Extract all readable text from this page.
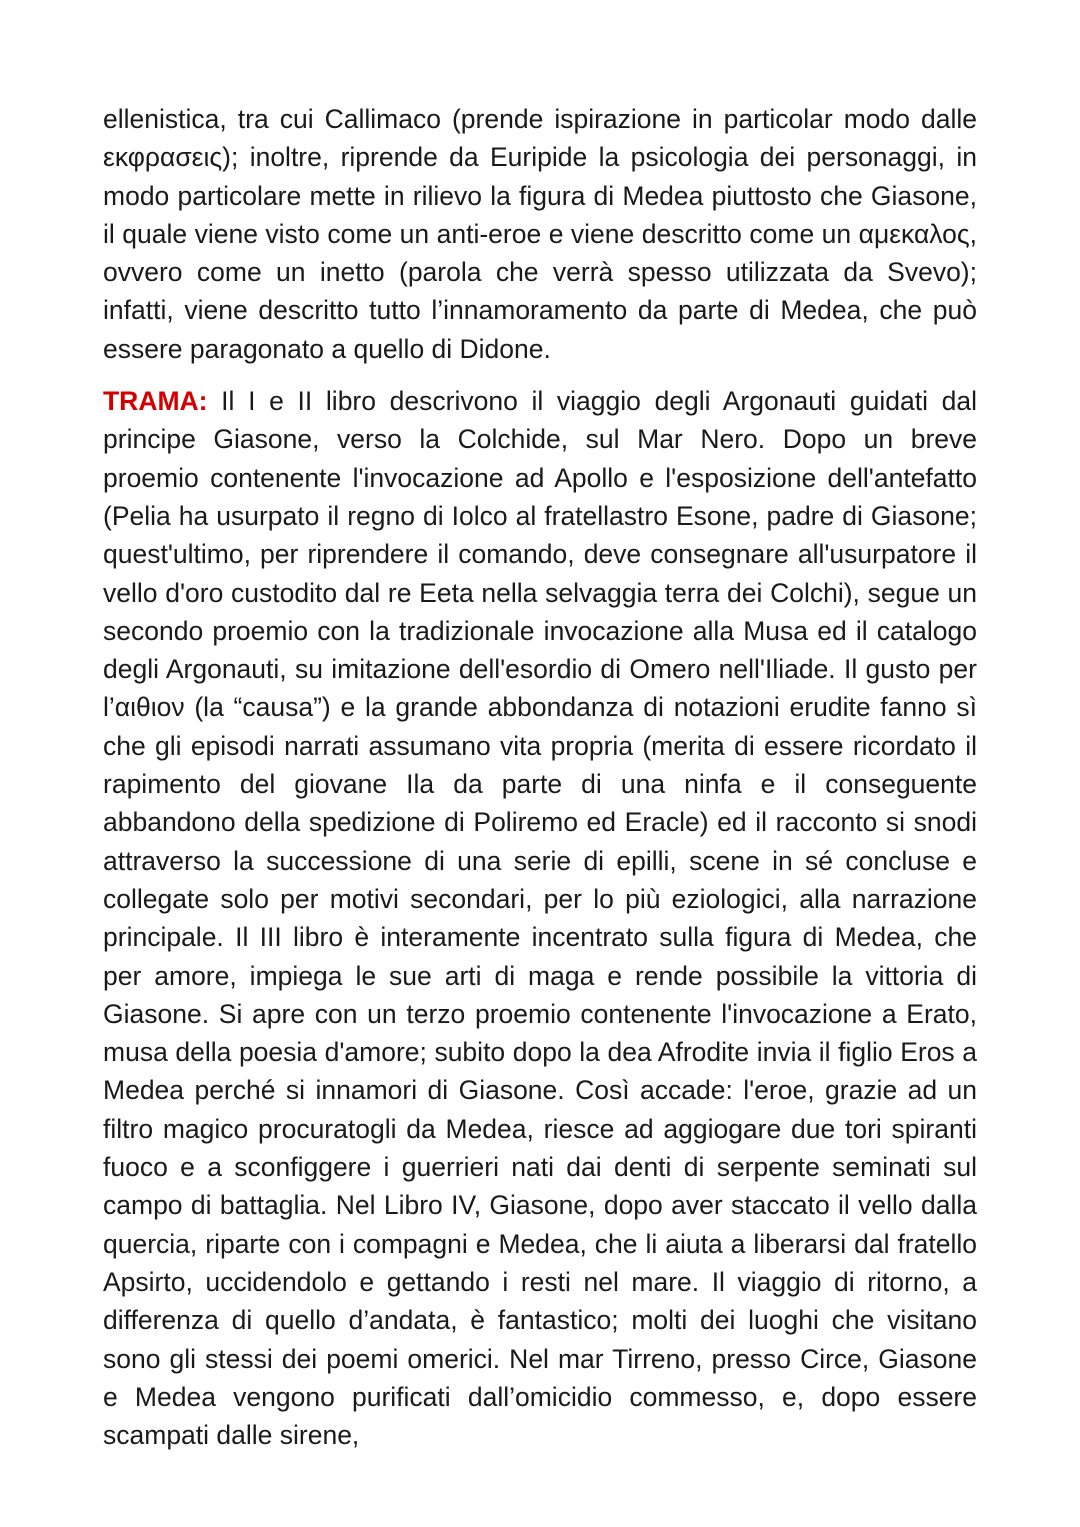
ellenistica, tra cui Callimaco (prende ispirazione in particolar modo dalle εκφρασεις); inoltre, riprende da Euripide la psicologia dei personaggi, in modo particolare mette in rilievo la figura di Medea piuttosto che Giasone, il quale viene visto come un anti-eroe e viene descritto come un αμεκαλος, ovvero come un inetto (parola che verrà spesso utilizzata da Svevo); infatti, viene descritto tutto l’innamoramento da parte di Medea, che può essere paragonato a quello di Didone.

TRAMA: Il I e II libro descrivono il viaggio degli Argonauti guidati dal principe Giasone, verso la Colchide, sul Mar Nero. Dopo un breve proemio contenente l'invocazione ad Apollo e l'esposizione dell'antefatto (Pelia ha usurpato il regno di Iolco al fratellastro Esone, padre di Giasone; quest'ultimo, per riprendere il comando, deve consegnare all'usurpatore il vello d'oro custodito dal re Eeta nella selvaggia terra dei Colchi), segue un secondo proemio con la tradizionale invocazione alla Musa ed il catalogo degli Argonauti, su imitazione dell'esordio di Omero nell'Iliade. Il gusto per l’αιθιον (la “causa”) e la grande abbondanza di notazioni erudite fanno sì che gli episodi narrati assumano vita propria (merita di essere ricordato il rapimento del giovane Ila da parte di una ninfa e il conseguente abbandono della spedizione di Poliremo ed Eracle) ed il racconto si snodi attraverso la successione di una serie di epilli, scene in sé concluse e collegate solo per motivi secondari, per lo più eziologici, alla narrazione principale. Il III libro è interamente incentrato sulla figura di Medea, che per amore, impiega le sue arti di maga e rende possibile la vittoria di Giasone. Si apre con un terzo proemio contenente l'invocazione a Erato, musa della poesia d'amore; subito dopo la dea Afrodite invia il figlio Eros a Medea perché si innamori di Giasone. Così accade: l'eroe, grazie ad un filtro magico procuratogli da Medea, riesce ad aggiogare due tori spiranti fuoco e a sconfiggere i guerrieri nati dai denti di serpente seminati sul campo di battaglia. Nel Libro IV, Giasone, dopo aver staccato il vello dalla quercia, riparte con i compagni e Medea, che li aiuta a liberarsi dal fratello Apsirto, uccidendolo e gettando i resti nel mare. Il viaggio di ritorno, a differenza di quello d’andata, è fantastico; molti dei luoghi che visitano sono gli stessi dei poemi omerici. Nel mar Tirreno, presso Circe, Giasone e Medea vengono purificati dall’omicidio commesso, e, dopo essere scampati dalle sirene,
